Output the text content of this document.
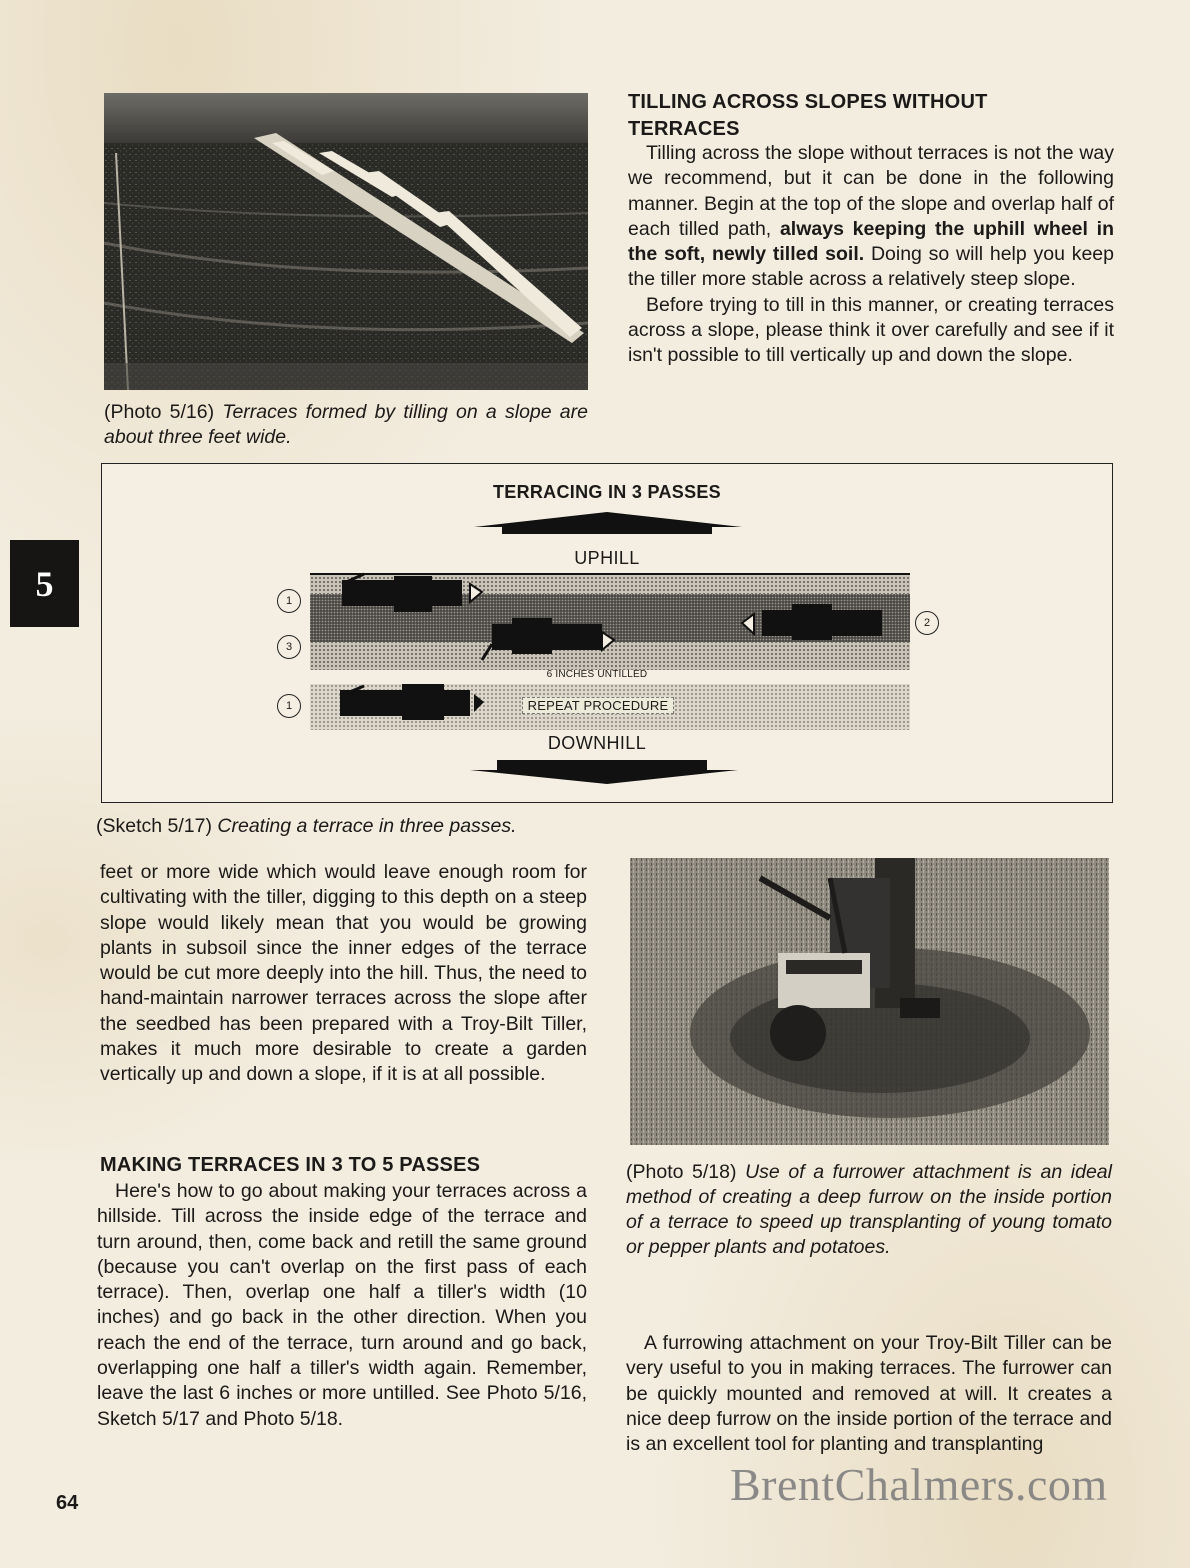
(Photo 5/16) Terraces formed by tilling on a slope are about three feet wide.
TILLING ACROSS SLOPES WITHOUT TERRACES

Tilling across the slope without terraces is not the way we recommend, but it can be done in the following manner. Begin at the top of the slope and overlap half of each tilled path, always keeping the uphill wheel in the soft, newly tilled soil. Doing so will help you keep the tiller more stable across a relatively steep slope.

Before trying to till in this manner, or creating terraces across a slope, please think it over carefully and see if it isn't possible to till vertically up and down the slope.

TERRACING IN 3 PASSES
UPHILL
6 INCHES UNTILLED
REPEAT PROCEDURE
DOWNHILL
1
3
1
2
(Sketch 5/17) Creating a terrace in three passes.

feet or more wide which would leave enough room for cultivating with the tiller, digging to this depth on a steep slope would likely mean that you would be growing plants in subsoil since the inner edges of the terrace would be cut more deeply into the hill. Thus, the need to hand-maintain narrower terraces across the slope after the seedbed has been prepared with a Troy-Bilt Tiller, makes it much more desirable to create a garden vertically up and down a slope, if it is at all possible.

MAKING TERRACES IN 3 TO 5 PASSES

Here's how to go about making your terraces across a hillside. Till across the inside edge of the terrace and turn around, then, come back and retill the same ground (because you can't overlap on the first pass of each terrace). Then, overlap one half a tiller's width (10 inches) and go back in the other direction. When you reach the end of the terrace, turn around and go back, overlapping one half a tiller's width again. Remember, leave the last 6 inches or more untilled. See Photo 5/16, Sketch 5/17 and Photo 5/18.

(Photo 5/18) Use of a furrower attachment is an ideal method of creating a deep furrow on the inside portion of a terrace to speed up transplanting of young tomato or pepper plants and potatoes.

A furrowing attachment on your Troy-Bilt Tiller can be very useful to you in making terraces. The furrower can be quickly mounted and removed at will. It creates a nice deep furrow on the inside portion of the terrace and is an excellent tool for planting and transplanting

5
64	BrentChalmers.com
